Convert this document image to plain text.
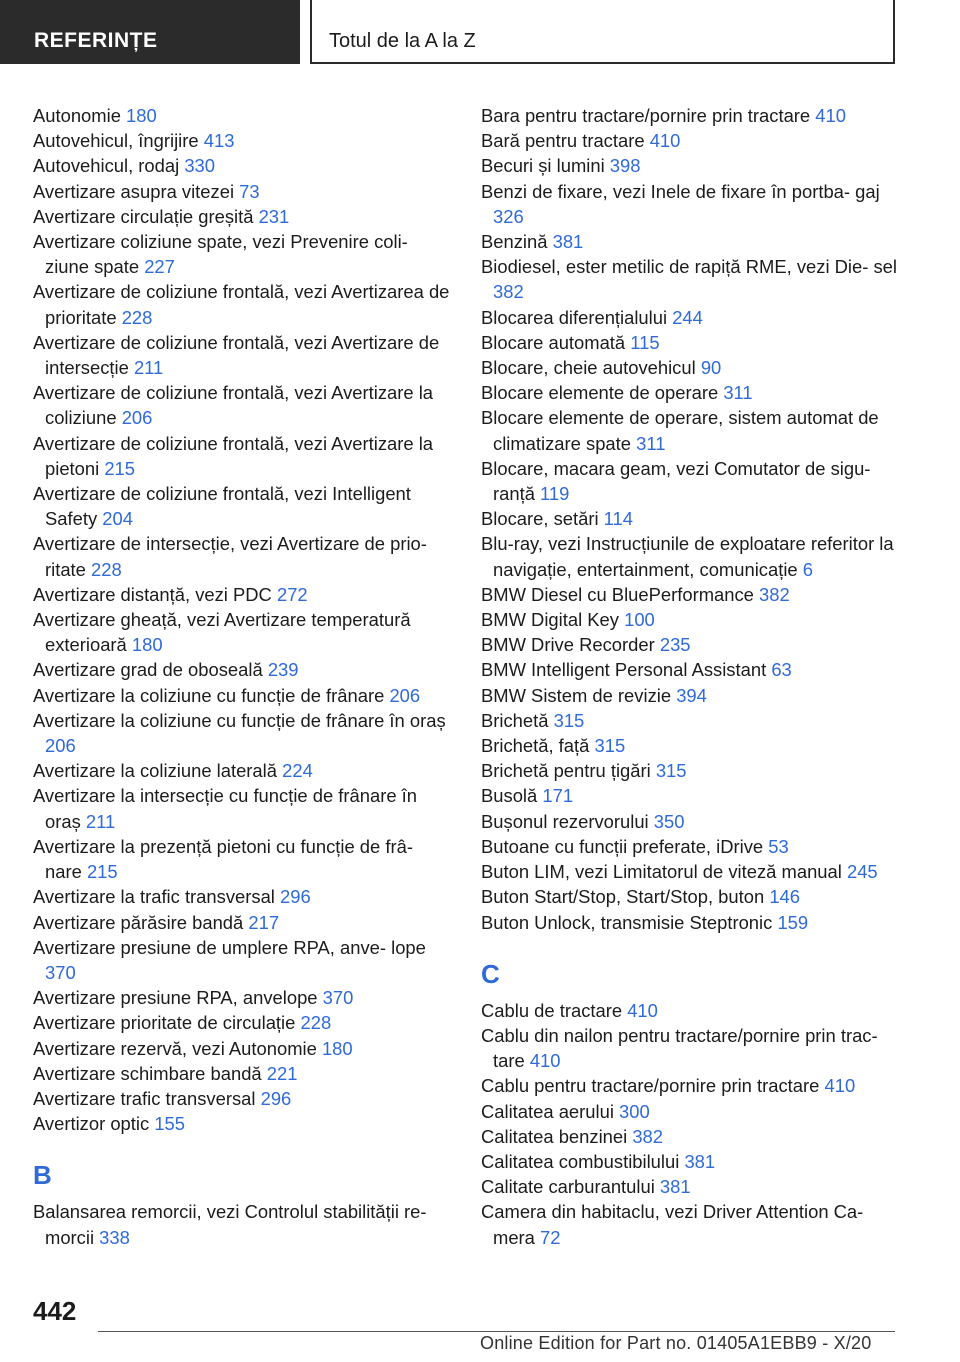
REFERINȚE	Totul de la A la Z
Autonomie 180
Autovehicul, îngrijire 413
Autovehicul, rodaj 330
Avertizare asupra vitezei 73
Avertizare circulație greșită 231
Avertizare coliziune spate, vezi Prevenire coli‐ ziune spate 227
Avertizare de coliziune frontală, vezi Avertizarea de prioritate 228
Avertizare de coliziune frontală, vezi Avertizare de intersecție 211
Avertizare de coliziune frontală, vezi Avertizare la coliziune 206
Avertizare de coliziune frontală, vezi Avertizare la pietoni 215
Avertizare de coliziune frontală, vezi Intelligent Safety 204
Avertizare de intersecție, vezi Avertizare de prio‐ ritate 228
Avertizare distanță, vezi PDC 272
Avertizare gheață, vezi Avertizare temperatură exterioară 180
Avertizare grad de oboseală 239
Avertizare la coliziune cu funcție de frânare 206
Avertizare la coliziune cu funcție de frânare în oraș 206
Avertizare la coliziune laterală 224
Avertizare la intersecție cu funcție de frânare în oraș 211
Avertizare la prezență pietoni cu funcție de frâ‐ nare 215
Avertizare la trafic transversal 296
Avertizare părăsire bandă 217
Avertizare presiune de umplere RPA, anve‐ lope 370
Avertizare presiune RPA, anvelope 370
Avertizare prioritate de circulație 228
Avertizare rezervă, vezi Autonomie 180
Avertizare schimbare bandă 221
Avertizare trafic transversal 296
Avertizor optic 155
B
Balansarea remorcii, vezi Controlul stabilității re‐ morcii 338
Bara pentru tractare/pornire prin tractare 410
Bară pentru tractare 410
Becuri și lumini 398
Benzi de fixare, vezi Inele de fixare în portba‐ gaj 326
Benzină 381
Biodiesel, ester metilic de rapiță RME, vezi Die‐ sel 382
Blocarea diferențialului 244
Blocare automată 115
Blocare, cheie autovehicul 90
Blocare elemente de operare 311
Blocare elemente de operare, sistem automat de climatizare spate 311
Blocare, macara geam, vezi Comutator de sigu‐ ranță 119
Blocare, setări 114
Blu-ray, vezi Instrucțiunile de exploatare referitor la navigație, entertainment, comunicație 6
BMW Diesel cu BluePerformance 382
BMW Digital Key 100
BMW Drive Recorder 235
BMW Intelligent Personal Assistant 63
BMW Sistem de revizie 394
Brichetă 315
Brichetă, față 315
Brichetă pentru țigări 315
Busolă 171
Bușonul rezervorului 350
Butoane cu funcții preferate, iDrive 53
Buton LIM, vezi Limitatorul de viteză manual 245
Buton Start/Stop, Start/Stop, buton 146
Buton Unlock, transmisie Steptronic 159
C
Cablu de tractare 410
Cablu din nailon pentru tractare/pornire prin trac‐ tare 410
Cablu pentru tractare/pornire prin tractare 410
Calitatea aerului 300
Calitatea benzinei 382
Calitatea combustibilului 381
Calitate carburantului 381
Camera din habitaclu, vezi Driver Attention Ca‐ mera 72
442
Online Edition for Part no. 01405A1EBB9 - X/20
